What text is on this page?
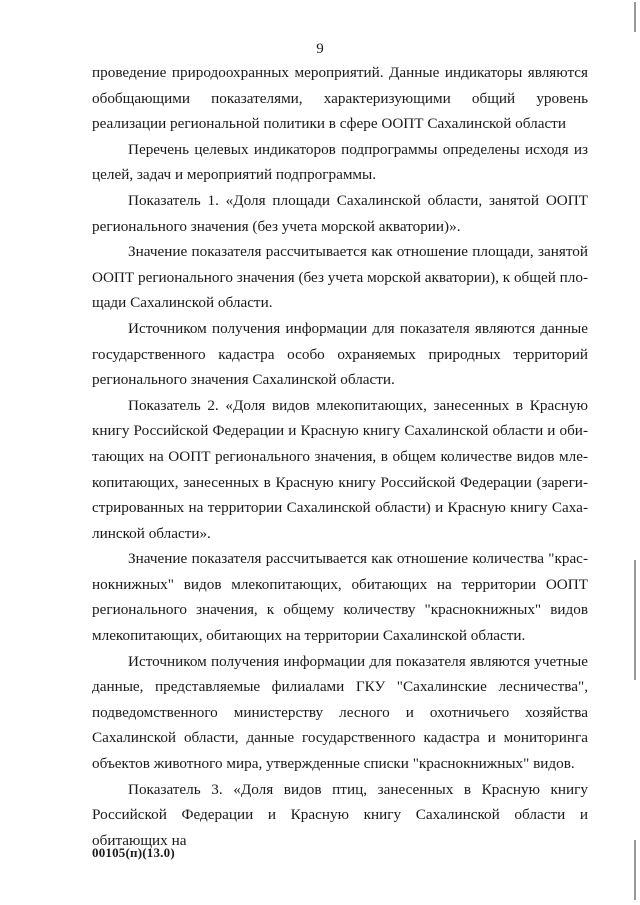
9

проведение природоохранных мероприятий. Данные индикаторы являются обобщающими показателями, характеризующими общий уровень реализации региональной политики в сфере ООПТ Сахалинской области

Перечень целевых индикаторов подпрограммы определены исходя из целей, задач и мероприятий подпрограммы.

Показатель 1. «Доля площади Сахалинской области, занятой ООПТ регионального значения (без учета морской акватории)».

Значение показателя рассчитывается как отношение площади, занятой ООПТ регионального значения (без учета морской акватории), к общей площади Сахалинской области.

Источником получения информации для показателя являются данные государственного кадастра особо охраняемых природных территорий регионального значения Сахалинской области.

Показатель 2. «Доля видов млекопитающих, занесенных в Красную книгу Российской Федерации и Красную книгу Сахалинской области и обитающих на ООПТ регионального значения, в общем количестве видов млекопитающих, занесенных в Красную книгу Российской Федерации (зарегистрированных на территории Сахалинской области) и Красную книгу Сахалинской области».

Значение показателя рассчитывается как отношение количества "краснокнижных" видов млекопитающих, обитающих на территории ООПТ регионального значения, к общему количеству "краснокнижных" видов млекопитающих, обитающих на территории Сахалинской области.

Источником получения информации для показателя являются учетные данные, представляемые филиалами ГКУ "Сахалинские лесничества", подведомственного министерству лесного и охотничьего хозяйства Сахалинской области, данные государственного кадастра и мониторинга объектов животного мира, утвержденные списки "краснокнижных" видов.

Показатель 3. «Доля видов птиц, занесенных в Красную книгу Российской Федерации и Красную книгу Сахалинской области и обитающих на

00105(п)(13.0)
